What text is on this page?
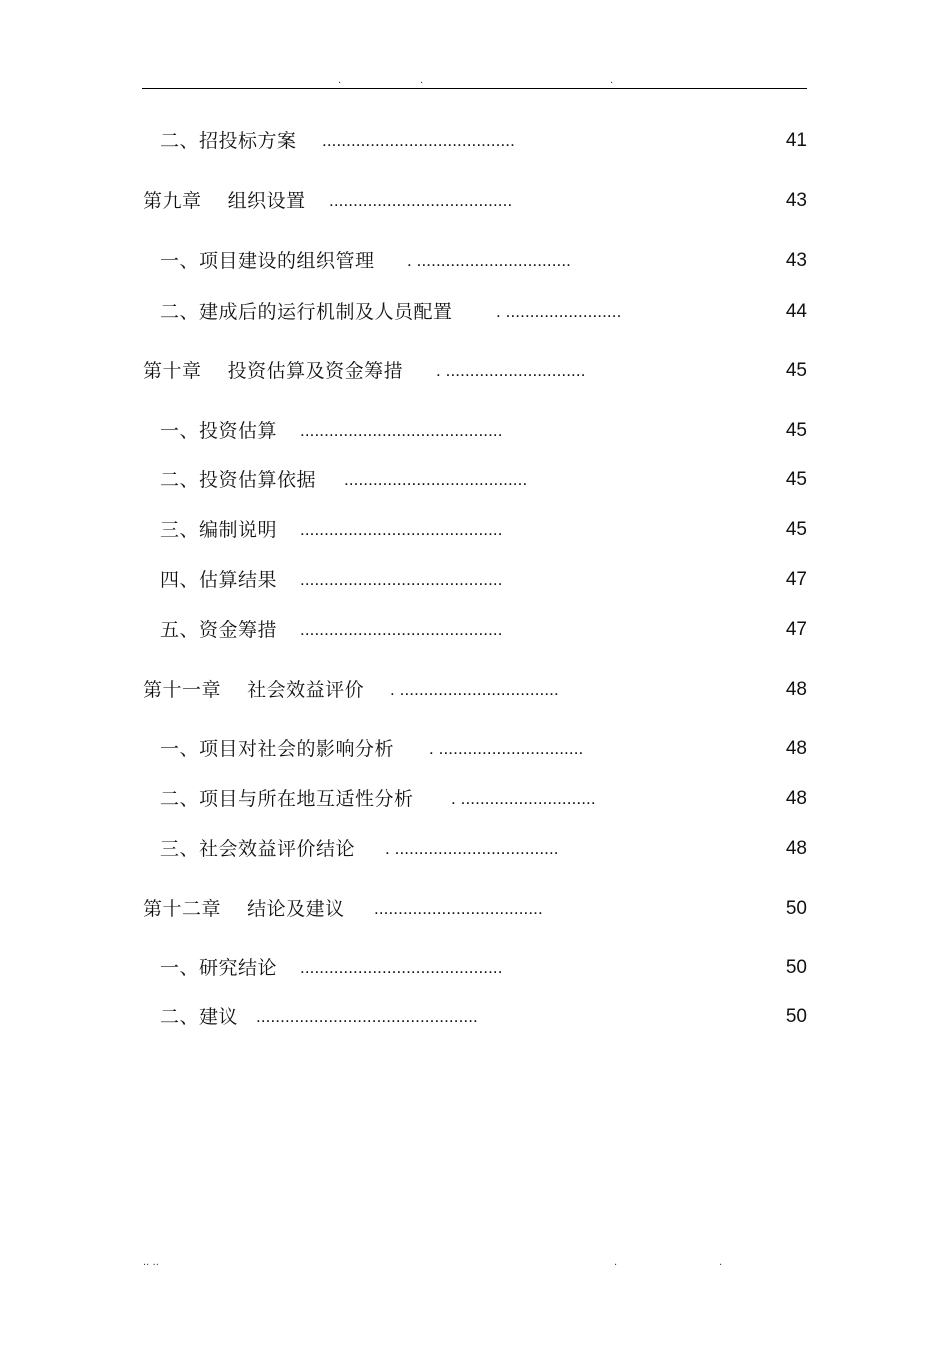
.	.	.
二、招投标方案 ........................................	41
第九章    组织设置 ......................................	43
一、项目建设的组织管理 . ................................	43
二、建成后的运行机制及人员配置	. ........................	44
第十章    投资估算及资金筹措 . .............................	45
一、投资估算 ..........................................	45
二、投资估算依据 ......................................	45
三、编制说明 ..........................................	45
四、估算结果 ..........................................	47
五、资金筹措 ..........................................	47
第十一章    社会效益评价 . .................................	48
一、项目对社会的影响分析 . ..............................	48
二、项目与所在地互适性分析 . ............................	48
三、社会效益评价结论 . ..................................	48
第十二章    结论及建议 ...................................	50
一、研究结论 ..........................................	50
二、建议 ..............................................	50
.. ..	.	.
